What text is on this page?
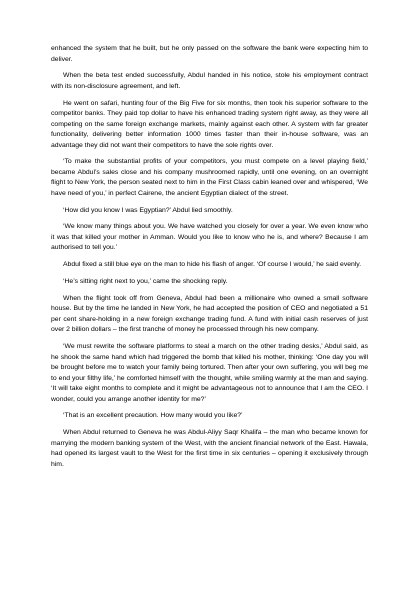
enhanced the system that he built, but he only passed on the software the bank were expecting him to deliver.

When the beta test ended successfully, Abdul handed in his notice, stole his employment contract with its non-disclosure agreement, and left.

He went on safari, hunting four of the Big Five for six months, then took his superior software to the competitor banks. They paid top dollar to have his enhanced trading system right away, as they were all competing on the same foreign exchange markets, mainly against each other. A system with far greater functionality, delivering better information 1000 times faster than their in-house software, was an advantage they did not want their competitors to have the sole rights over.

‘To make the substantial profits of your competitors, you must compete on a level playing field,’ became Abdul’s sales close and his company mushroomed rapidly, until one evening, on an overnight flight to New York, the person seated next to him in the First Class cabin leaned over and whispered, ‘We have need of you,’ in perfect Cairene, the ancient Egyptian dialect of the street.

‘How did you know I was Egyptian?’ Abdul lied smoothly.

‘We know many things about you. We have watched you closely for over a year. We even know who it was that killed your mother in Amman. Would you like to know who he is, and where? Because I am authorised to tell you.’

Abdul fixed a still blue eye on the man to hide his flash of anger. ‘Of course I would,’ he said evenly.

‘He’s sitting right next to you,’ came the shocking reply.

When the flight took off from Geneva, Abdul had been a millionaire who owned a small software house. But by the time he landed in New York, he had accepted the position of CEO and negotiated a 51 per cent share-holding in a new foreign exchange trading fund. A fund with initial cash reserves of just over 2 billion dollars – the first tranche of money he processed through his new company.

‘We must rewrite the software platforms to steal a march on the other trading desks,’ Abdul said, as he shook the same hand which had triggered the bomb that killed his mother, thinking: ‘One day you will be brought before me to watch your family being tortured. Then after your own suffering, you will beg me to end your filthy life,’ he comforted himself with the thought, while smiling warmly at the man and saying. ‘It will take eight months to complete and it might be advantageous not to announce that I am the CEO. I wonder, could you arrange another identity for me?’

‘That is an excellent precaution. How many would you like?’

When Abdul returned to Geneva he was Abdul-Aliyy Saqr Khalifa – the man who became known for marrying the modern banking system of the West, with the ancient financial network of the East. Hawala, had opened its largest vault to the West for the first time in six centuries – opening it exclusively through him.
